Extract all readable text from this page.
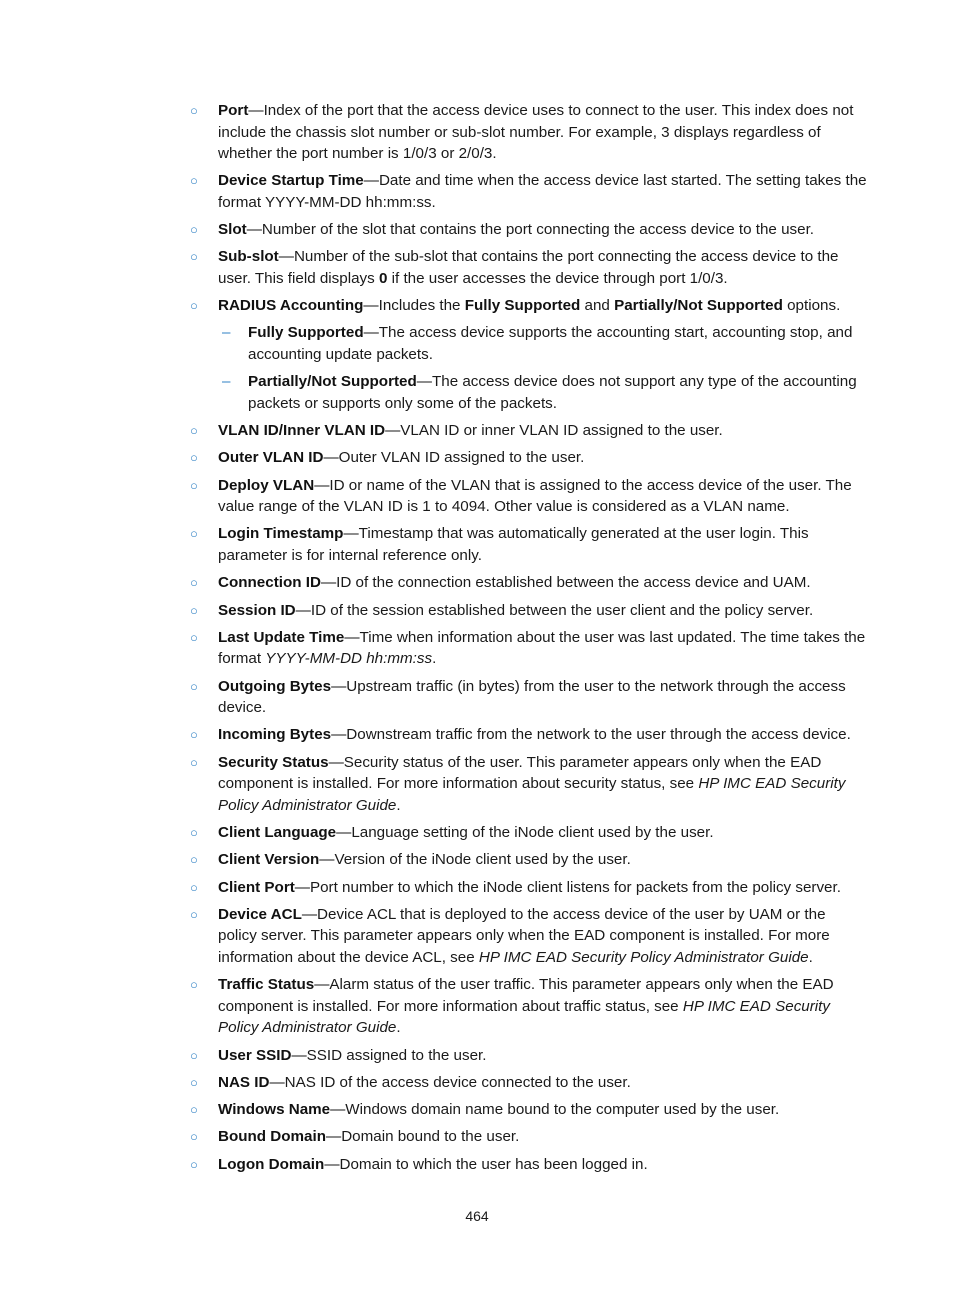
○	Port—Index of the port that the access device uses to connect to the user. This index does not include the chassis slot number or sub-slot number. For example, 3 displays regardless of whether the port number is 1/0/3 or 2/0/3.
○	Device Startup Time—Date and time when the access device last started. The setting takes the format YYYY-MM-DD hh:mm:ss.
○	Slot—Number of the slot that contains the port connecting the access device to the user.
○	Sub-slot—Number of the sub-slot that contains the port connecting the access device to the user. This field displays 0 if the user accesses the device through port 1/0/3.
○	RADIUS Accounting—Includes the Fully Supported and Partially/Not Supported options.
– Fully Supported—The access device supports the accounting start, accounting stop, and accounting update packets.
– Partially/Not Supported—The access device does not support any type of the accounting packets or supports only some of the packets.
○	VLAN ID/Inner VLAN ID—VLAN ID or inner VLAN ID assigned to the user.
○	Outer VLAN ID—Outer VLAN ID assigned to the user.
○	Deploy VLAN—ID or name of the VLAN that is assigned to the access device of the user. The value range of the VLAN ID is 1 to 4094. Other value is considered as a VLAN name.
○	Login Timestamp—Timestamp that was automatically generated at the user login. This parameter is for internal reference only.
○	Connection ID—ID of the connection established between the access device and UAM.
○	Session ID—ID of the session established between the user client and the policy server.
○	Last Update Time—Time when information about the user was last updated. The time takes the format YYYY-MM-DD hh:mm:ss.
○	Outgoing Bytes—Upstream traffic (in bytes) from the user to the network through the access device.
○	Incoming Bytes—Downstream traffic from the network to the user through the access device.
○	Security Status—Security status of the user. This parameter appears only when the EAD component is installed. For more information about security status, see HP IMC EAD Security Policy Administrator Guide.
○	Client Language—Language setting of the iNode client used by the user.
○	Client Version—Version of the iNode client used by the user.
○	Client Port—Port number to which the iNode client listens for packets from the policy server.
○	Device ACL—Device ACL that is deployed to the access device of the user by UAM or the policy server. This parameter appears only when the EAD component is installed. For more information about the device ACL, see HP IMC EAD Security Policy Administrator Guide.
○	Traffic Status—Alarm status of the user traffic. This parameter appears only when the EAD component is installed. For more information about traffic status, see HP IMC EAD Security Policy Administrator Guide.
○	User SSID—SSID assigned to the user.
○	NAS ID—NAS ID of the access device connected to the user.
○	Windows Name—Windows domain name bound to the computer used by the user.
○	Bound Domain—Domain bound to the user.
○	Logon Domain—Domain to which the user has been logged in.
464
